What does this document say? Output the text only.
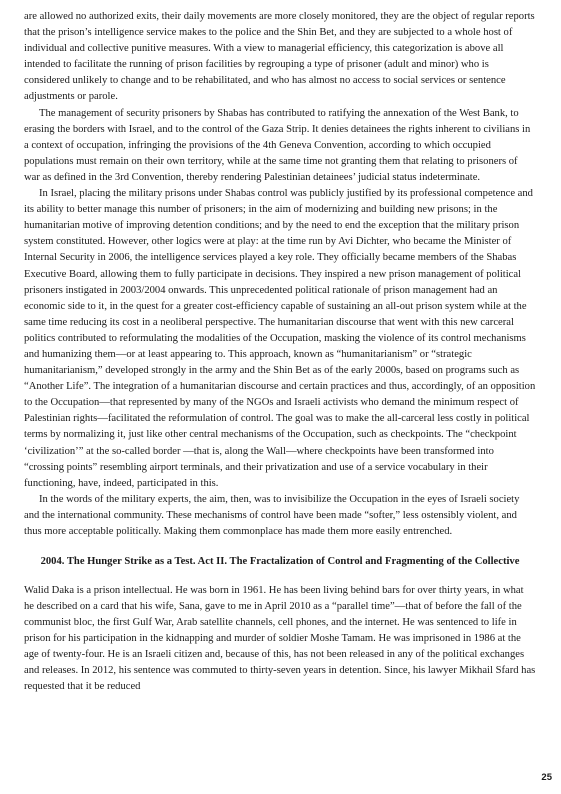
are allowed no authorized exits, their daily movements are more closely monitored, they are the object of regular reports that the prison’s intelligence service makes to the police and the Shin Bet, and they are subjected to a whole host of individual and collective punitive measures. With a view to managerial efficiency, this categorization is above all intended to facilitate the running of prison facilities by regrouping a type of prisoner (adult and minor) who is considered unlikely to change and to be rehabilitated, and who has almost no access to social services or sentence adjustments or parole.

The management of security prisoners by Shabas has contributed to ratifying the annexation of the West Bank, to erasing the borders with Israel, and to the control of the Gaza Strip. It denies detainees the rights inherent to civilians in a context of occupation, infringing the provisions of the 4th Geneva Convention, according to which occupied populations must remain on their own territory, while at the same time not granting them that relating to prisoners of war as defined in the 3rd Convention, thereby rendering Palestinian detainees’ judicial status indeterminate.

In Israel, placing the military prisons under Shabas control was publicly justified by its professional competence and its ability to better manage this number of prisoners; in the aim of modernizing and building new prisons; in the humanitarian motive of improving detention conditions; and by the need to end the exception that the military prison system constituted. However, other logics were at play: at the time run by Avi Dichter, who became the Minister of Internal Security in 2006, the intelligence services played a key role. They officially became members of the Shabas Executive Board, allowing them to fully participate in decisions. They inspired a new prison management of political prisoners instigated in 2003/2004 onwards. This unprecedented political rationale of prison management had an economic side to it, in the quest for a greater cost-efficiency capable of sustaining an all-out prison system while at the same time reducing its cost in a neoliberal perspective. The humanitarian discourse that went with this new carceral politics contributed to reformulating the modalities of the Occupation, masking the violence of its control mechanisms and humanizing them—or at least appearing to. This approach, known as “humanitarianism” or “strategic humanitarianism,” developed strongly in the army and the Shin Bet as of the early 2000s, based on programs such as “Another Life”. The integration of a humanitarian discourse and certain practices and thus, accordingly, of an opposition to the Occupation—that represented by many of the NGOs and Israeli activists who demand the minimum respect of Palestinian rights—facilitated the reformulation of control. The goal was to make the all-carceral less costly in political terms by normalizing it, just like other central mechanisms of the Occupation, such as checkpoints. The “checkpoint ‘civilization’” at the so-called border —that is, along the Wall—where checkpoints have been transformed into “crossing points” resembling airport terminals, and their privatization and use of a service vocabulary in their functioning, have, indeed, participated in this.

In the words of the military experts, the aim, then, was to invisibilize the Occupation in the eyes of Israeli society and the international community. These mechanisms of control have been made “softer,” less ostensibly violent, and thus more acceptable politically. Making them commonplace has made them more easily entrenched.

2004. The Hunger Strike as a Test. Act II. The Fractalization of Control and Fragmenting of the Collective

Walid Daka is a prison intellectual. He was born in 1961. He has been living behind bars for over thirty years, in what he described on a card that his wife, Sana, gave to me in April 2010 as a “parallel time”—that of before the fall of the communist bloc, the first Gulf War, Arab satellite channels, cell phones, and the internet. He was sentenced to life in prison for his participation in the kidnapping and murder of soldier Moshe Tamam. He was imprisoned in 1986 at the age of twenty-four. He is an Israeli citizen and, because of this, has not been released in any of the political exchanges and releases. In 2012, his sentence was commuted to thirty-seven years in detention. Since, his lawyer Mikhail Sfard has requested that it be reduced

25
